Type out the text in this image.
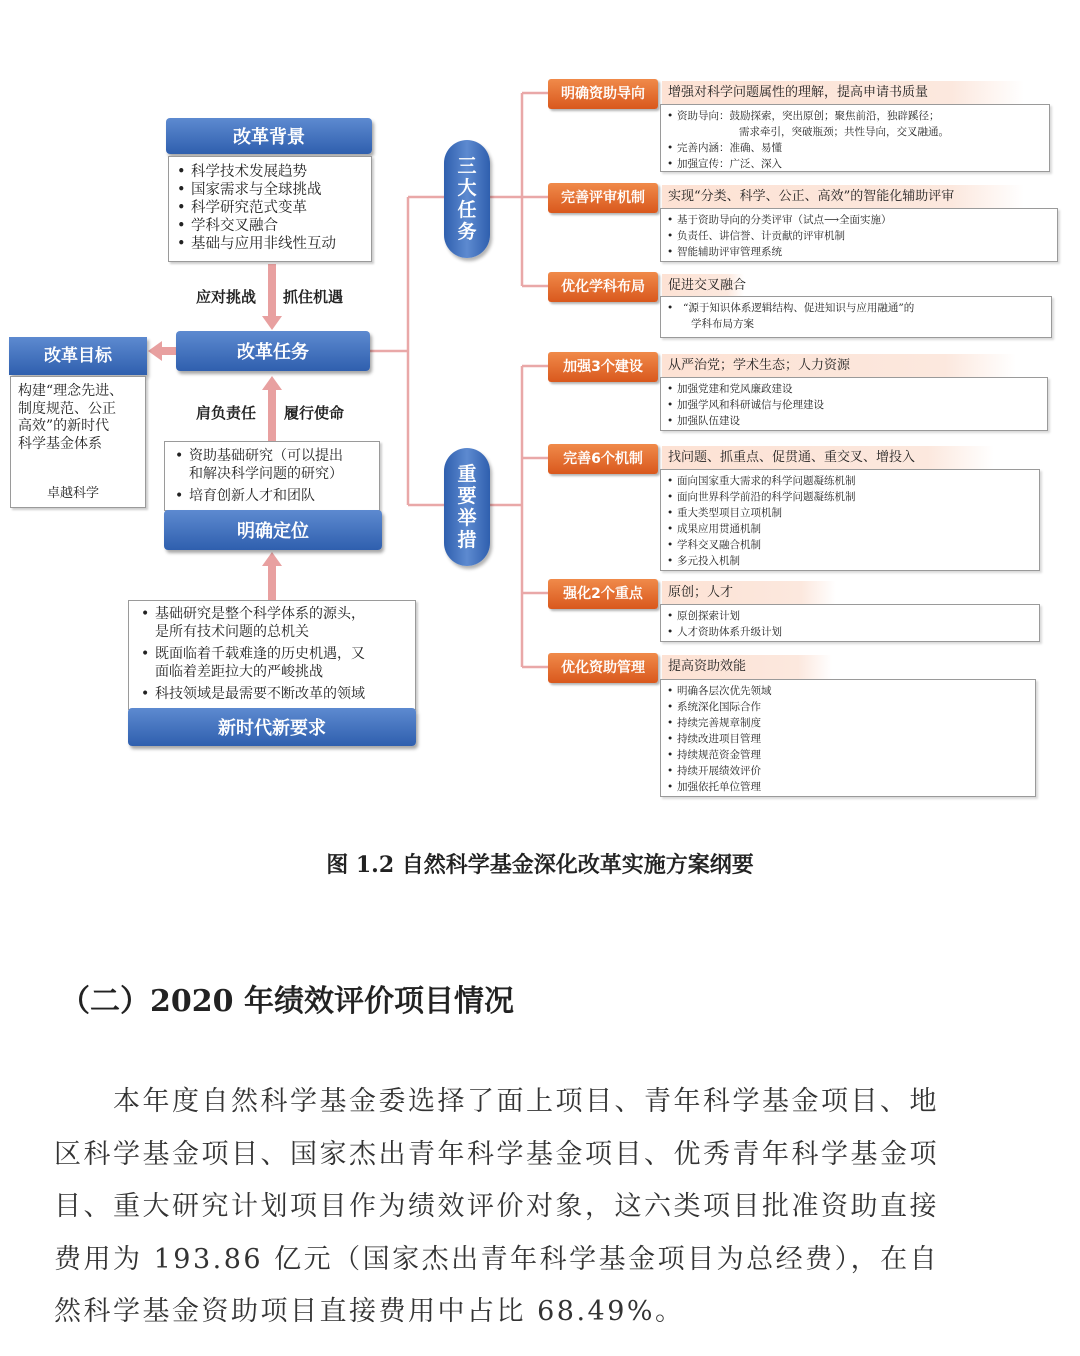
改革背景
• 科学技术发展趋势
• 国家需求与全球挑战
• 科学研究范式变革
• 学科交叉融合
• 基础与应用非线性互动
应对挑战 抓住机遇
改革任务
肩负责任 履行使命
改革目标
构建“理念先进、
制度规范、公正
高效”的新时代
科学基金体系
卓越科学
• 资助基础研究（可以提出
和解决科学问题的研究）
• 培育创新人才和团队
明确定位
• 基础研究是整个科学体系的源头，
是所有技术问题的总机关
• 既面临着千载难逢的历史机遇，又
面临着差距拉大的严峻挑战
• 科技领域是最需要不断改革的领域
新时代新要求
三
大
任
务
重
要
举
措
明确资助导向	增强对科学问题属性的理解，提高申请书质量
• 资助导向：鼓励探索，突出原创；聚焦前沿，独辟蹊径；
需求牵引，突破瓶颈；共性导向，交叉融通。
• 完善内涵：准确、易懂
• 加强宣传：广泛、深入
完善评审机制	实现“分类、科学、公正、高效”的智能化辅助评审
• 基于资助导向的分类评审（试点⟶全面实施）
• 负责任、讲信誉、计贡献的评审机制
• 智能辅助评审管理系统
优化学科布局	促进交叉融合
• “源于知识体系逻辑结构、促进知识与应用融通”的
学科布局方案
加强3个建设	从严治党；学术生态；人力资源
• 加强党建和党风廉政建设
• 加强学风和科研诚信与伦理建设
• 加强队伍建设
完善6个机制	找问题、抓重点、促贯通、重交叉、增投入
• 面向国家重大需求的科学问题凝练机制
• 面向世界科学前沿的科学问题凝练机制
• 重大类型项目立项机制
• 成果应用贯通机制
• 学科交叉融合机制
• 多元投入机制
强化2个重点	原创；人才
• 原创探索计划
• 人才资助体系升级计划
优化资助管理	提高资助效能
• 明确各层次优先领域
• 系统深化国际合作
• 持续完善规章制度
• 持续改进项目管理
• 持续规范资金管理
• 持续开展绩效评价
• 加强依托单位管理
图 1.2 自然科学基金深化改革实施方案纲要
（二）2020 年绩效评价项目情况

　　本年度自然科学基金委选择了面上项目、青年科学基金项目、地

区科学基金项目、国家杰出青年科学基金项目、优秀青年科学基金项

目、重大研究计划项目作为绩效评价对象，这六类项目批准资助直接

费用为 193.86 亿元（国家杰出青年科学基金项目为总经费），在自

然科学基金资助项目直接费用中占比 68.49%。
